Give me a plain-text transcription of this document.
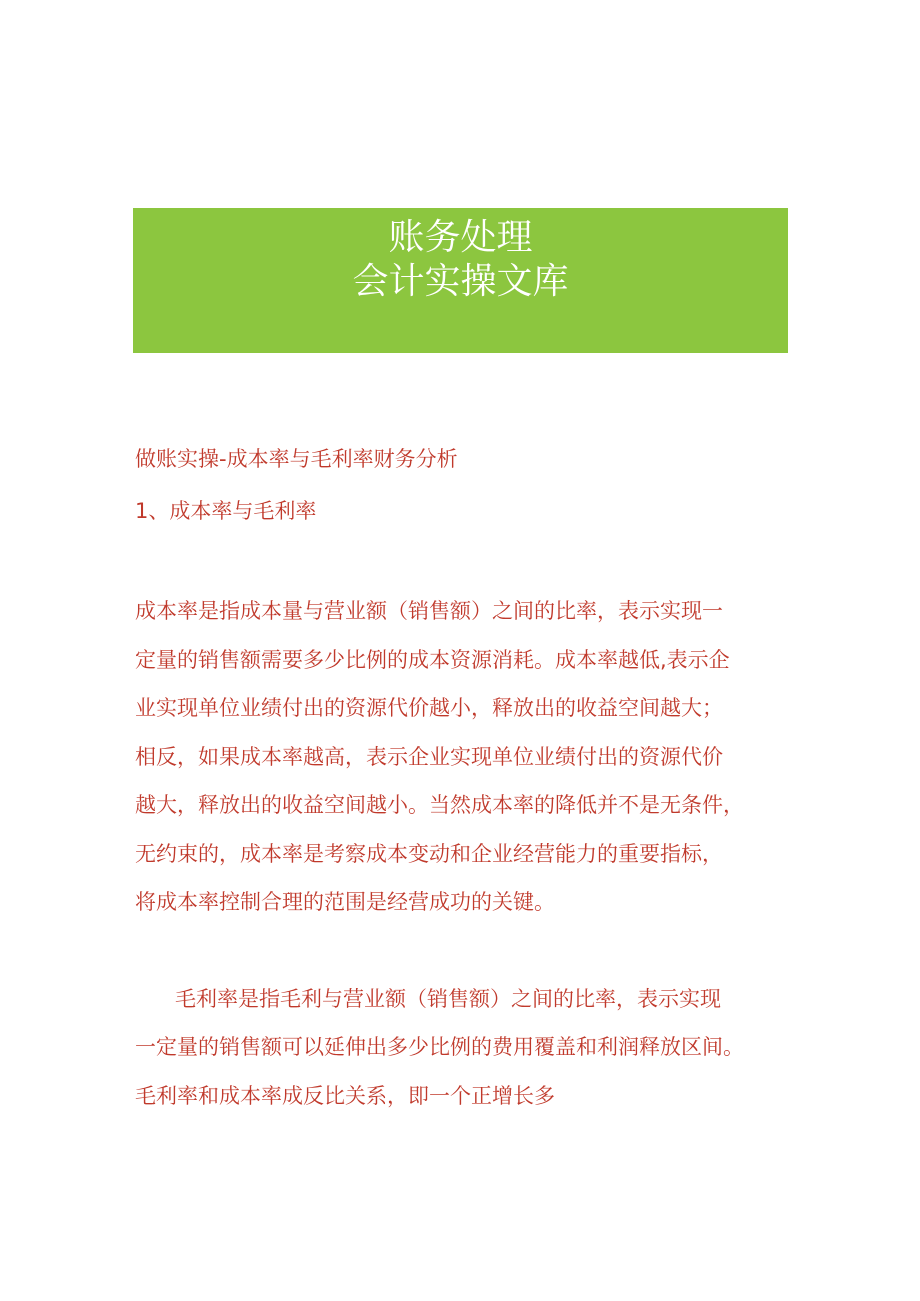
账务处理
会计实操文库
做账实操-成本率与毛利率财务分析
1、成本率与毛利率

成本率是指成本量与营业额（销售额）之间的比率，表示实现一
定量的销售额需要多少比例的成本资源消耗。成本率越低,表示企
业实现单位业绩付出的资源代价越小，释放出的收益空间越大；
相反，如果成本率越高，表示企业实现单位业绩付出的资源代价
越大，释放出的收益空间越小。当然成本率的降低并不是无条件，
无约束的，成本率是考察成本变动和企业经营能力的重要指标，
将成本率控制合理的范围是经营成功的关键。

毛利率是指毛利与营业额（销售额）之间的比率，表示实现
一定量的销售额可以延伸出多少比例的费用覆盖和利润释放区间。
毛利率和成本率成反比关系，即一个正增长多
